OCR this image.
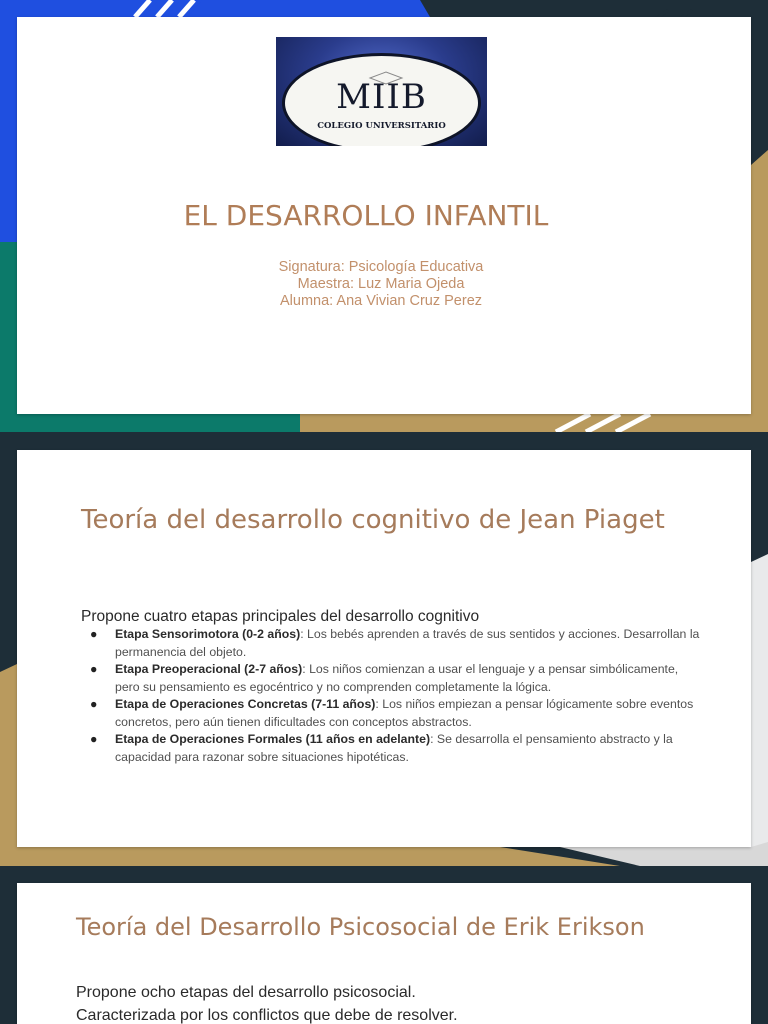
MIIB
COLEGIO UNIVERSITARIO
EL DESARROLLO INFANTIL
Signatura: Psicología Educativa
Maestra: Luz Maria Ojeda
Alumna: Ana Vivian Cruz Perez
Teoría del desarrollo cognitivo de Jean Piaget
Propone cuatro etapas principales del desarrollo cognitivo
● Etapa Sensorimotora (0-2 años): Los bebés aprenden a través de sus sentidos y acciones. Desarrollan la permanencia del objeto.
● Etapa Preoperacional (2-7 años): Los niños comienzan a usar el lenguaje y a pensar simbólicamente, pero su pensamiento es egocéntrico y no comprenden completamente la lógica.
● Etapa de Operaciones Concretas (7-11 años): Los niños empiezan a pensar lógicamente sobre eventos concretos, pero aún tienen dificultades con conceptos abstractos.
● Etapa de Operaciones Formales (11 años en adelante): Se desarrolla el pensamiento abstracto y la capacidad para razonar sobre situaciones hipotéticas.
Teoría del Desarrollo Psicosocial de Erik Erikson
Propone ocho etapas del desarrollo psicosocial.
Caracterizada por los conflictos que debe de resolver.
